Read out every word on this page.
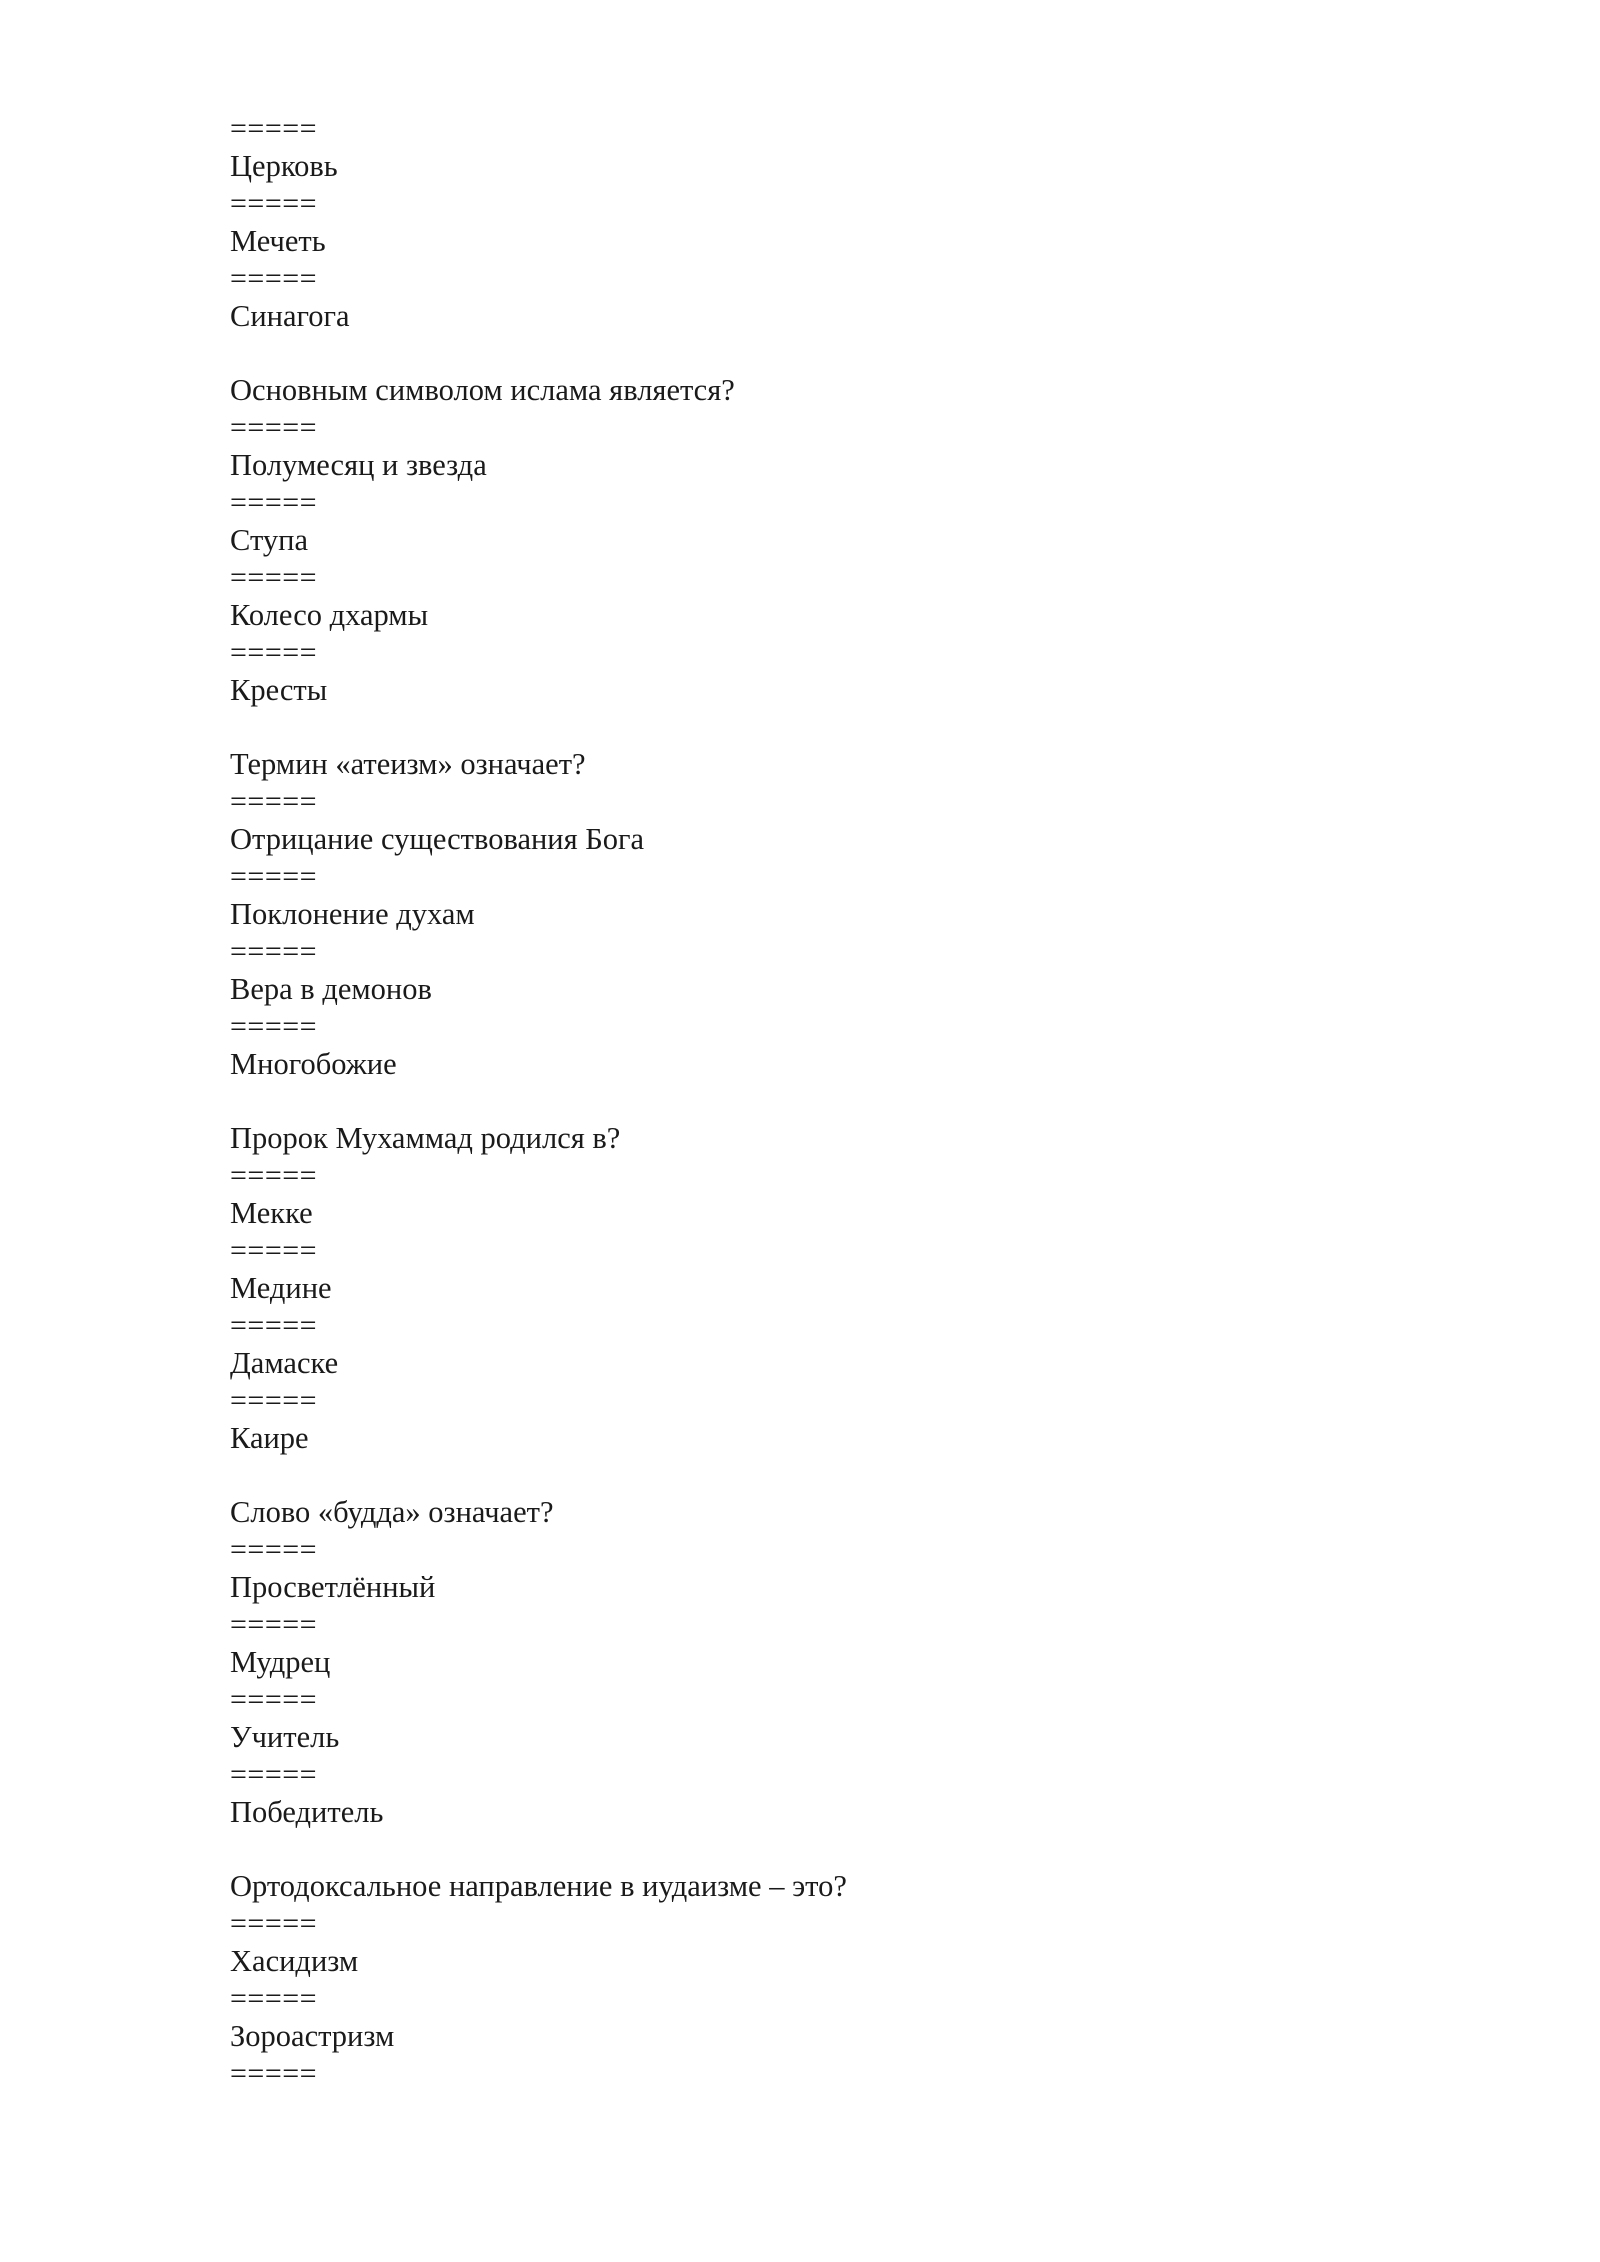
=====
Церковь
=====
Мечеть
=====
Синагога
Основным символом ислама является?
=====
Полумесяц и звезда
=====
Ступа
=====
Колесо дхармы
=====
Кресты
Термин «атеизм» означает?
=====
Отрицание существования Бога
=====
Поклонение духам
=====
Вера в демонов
=====
Многобожие
Пророк Мухаммад родился в?
=====
Мекке
=====
Медине
=====
Дамаске
=====
Каире
Слово «будда» означает?
=====
Просветлённый
=====
Мудрец
=====
Учитель
=====
Победитель
Ортодоксальное направление в иудаизме – это?
=====
Хасидизм
=====
Зороастризм
=====
